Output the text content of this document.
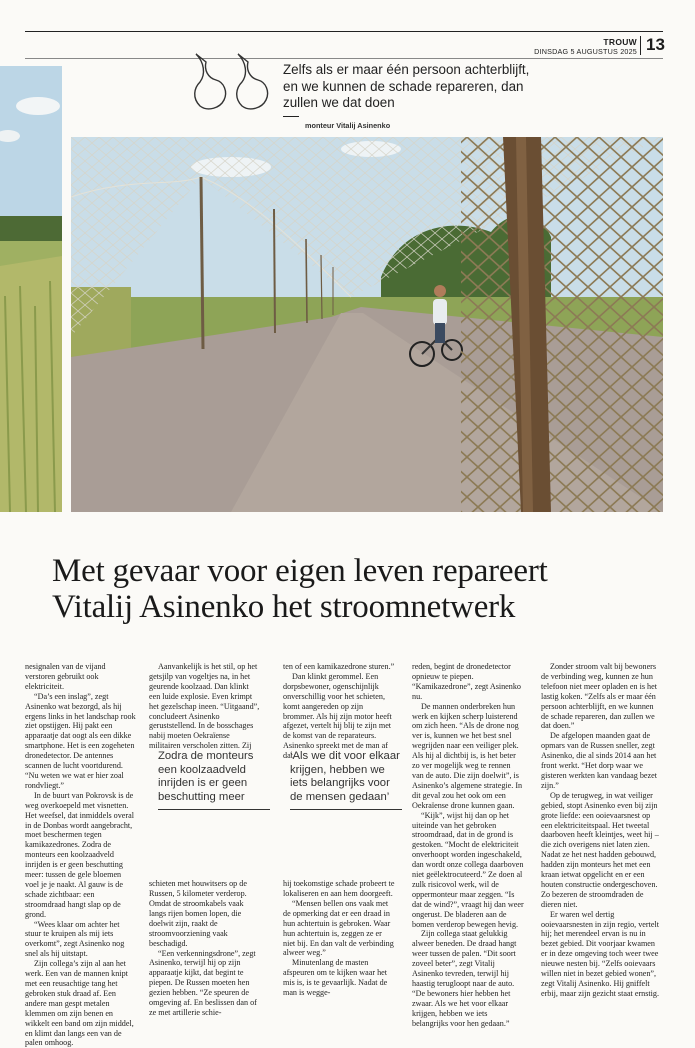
TROUW
DINSDAG 5 AUGUSTUS 2025 13
Zelfs als er maar één persoon achterblijft, en we kunnen de schade repareren, dan zullen we dat doen
monteur Vitalij Asinenko
Met gevaar voor eigen leven repareert
Vitalij Asinenko het stroomnetwerk

nesignalen van de vijand verstoren gebruikt ook elektriciteit.

“Da’s een inslag”, zegt Asinenko wat bezorgd, als hij ergens links in het landschap rook ziet opstijgen. Hij pakt een apparaatje dat oogt als een dikke smartphone. Het is een zogeheten dronedetector. De antennes scannen de lucht voortdurend. “Nu weten we wat er hier zoal rondvliegt.”

In de buurt van Pokrovsk is de weg overkoepeld met visnetten. Het weefsel, dat inmiddels overal in de Donbas wordt aangebracht, moet beschermen tegen kamikazedrones. Zodra de monteurs een koolzaadveld inrijden is er geen beschutting meer: tussen de gele bloemen voel je je naakt. Al gauw is de schade zichtbaar: een stroomdraad hangt slap op de grond.

“Wees klaar om achter het stuur te kruipen als mij iets overkomt”, zegt Asinenko nog snel als hij uitstapt.

Zijn collega’s zijn al aan het werk. Een van de mannen knipt met een reusachtige tang het gebroken stuk draad af. Een andere man gespt metalen klemmen om zijn benen en wikkelt een band om zijn middel, en klimt dan langs een van de palen omhoog.

Aanvankelijk is het stil, op het getsjilp van vogeltjes na, in het geurende koolzaad. Dan klinkt een luide explosie. Even krimpt het gezelschap ineen. “Uitgaand”, concludeert Asinenko geruststellend. In de bosschages nabij moeten Oekraïense militairen verscholen zitten. Zij

schieten met houwitsers op de Russen, 5 kilometer verderop. Omdat de stroomkabels vaak langs rijen bomen lopen, die doelwit zijn, raakt de stroomvoorziening vaak beschadigd.

“Een verkenningsdrone”, zegt Asinenko, terwijl hij op zijn apparaatje kijkt, dat begint te piepen. De Russen moeten hen gezien hebben. “Ze speuren de omgeving af. En beslissen dan of ze met artillerie schie-

ten of een kamikazedrone sturen.”

Dan klinkt gerommel. Een dorpsbewoner, ogenschijnlijk onverschillig voor het schieten, komt aangereden op zijn brommer. Als hij zijn motor heeft afgezet, vertelt hij blij te zijn met de komst van de reparateurs. Asinenko spreekt met de man af dat

hij toekomstige schade probeert te lokaliseren en aan hem doorgeeft.

“Mensen bellen ons vaak met de opmerking dat er een draad in hun achtertuin is gebroken. Waar hun achtertuin is, zeggen ze er niet bij. En dan valt de verbinding alweer weg.”

Minutenlang de masten afspeuren om te kijken waar het mis is, is te gevaarlijk. Nadat de man is wegge-

reden, begint de dronedetector opnieuw te piepen. “Kamikazedrone”, zegt Asinenko nu.

De mannen onderbreken hun werk en kijken scherp luisterend om zich heen. “Als de drone nog ver is, kunnen we het best snel wegrijden naar een veiliger plek. Als hij al dichtbij is, is het beter zo ver mogelijk weg te rennen van de auto. Die zijn doelwit”, is Asinenko’s algemene strategie. In dit geval zou het ook om een Oekraïense drone kunnen gaan.

“Kijk”, wijst hij dan op het uiteinde van het gebroken stroomdraad, dat in de grond is gestoken. “Mocht de elektriciteit onverhoopt worden ingeschakeld, dan wordt onze collega daarboven niet geëlektrocuteerd.” Ze doen al zulk risicovol werk, wil de oppermonteur maar zeggen. “Is dat de wind?”, vraagt hij dan weer ongerust. De bladeren aan de bomen verderop bewegen hevig.

Zijn collega staat gelukkig alweer beneden. De draad hangt weer tussen de palen. “Dit soort zoveel beter”, zegt Vitalij Asinenko tevreden, terwijl hij haastig terugloopt naar de auto. “De bewoners hier hebben het zwaar. Als we het voor elkaar krijgen, hebben we iets belangrijks voor hen gedaan.”

Zonder stroom valt bij bewoners de verbinding weg, kunnen ze hun telefoon niet meer opladen en is het lastig koken. “Zelfs als er maar één persoon achterblijft, en we kunnen de schade repareren, dan zullen we dat doen.”

De afgelopen maanden gaat de opmars van de Russen sneller, zegt Asinenko, die al sinds 2014 aan het front werkt. “Het dorp waar we gisteren werkten kan vandaag bezet zijn.”

Op de terugweg, in wat veiliger gebied, stopt Asinenko even bij zijn grote liefde: een ooievaarsnest op een elektriciteitspaal. Het tweetal daarboven heeft kleintjes, weet hij – die zich overigens niet laten zien. Nadat ze het nest hadden gebouwd, hadden zijn monteurs het met een kraan ietwat opgelicht en er een houten constructie ondergeschoven. Zo bezeren de stroomdraden de dieren niet.

Er waren wel dertig ooievaarsnesten in zijn regio, vertelt hij; het merendeel ervan is nu in bezet gebied. Dit voorjaar kwamen er in deze omgeving toch weer twee nieuwe nesten bij. “Zelfs ooievaars willen niet in bezet gebied wonen”, zegt Vitalij Asinenko. Hij gniffelt erbij, maar zijn gezicht staat ernstig.

Zodra de monteurs een koolzaadveld inrijden is er geen beschutting meer
‘Als we dit voor elkaar krijgen, hebben we iets belangrijks voor de mensen gedaan’
